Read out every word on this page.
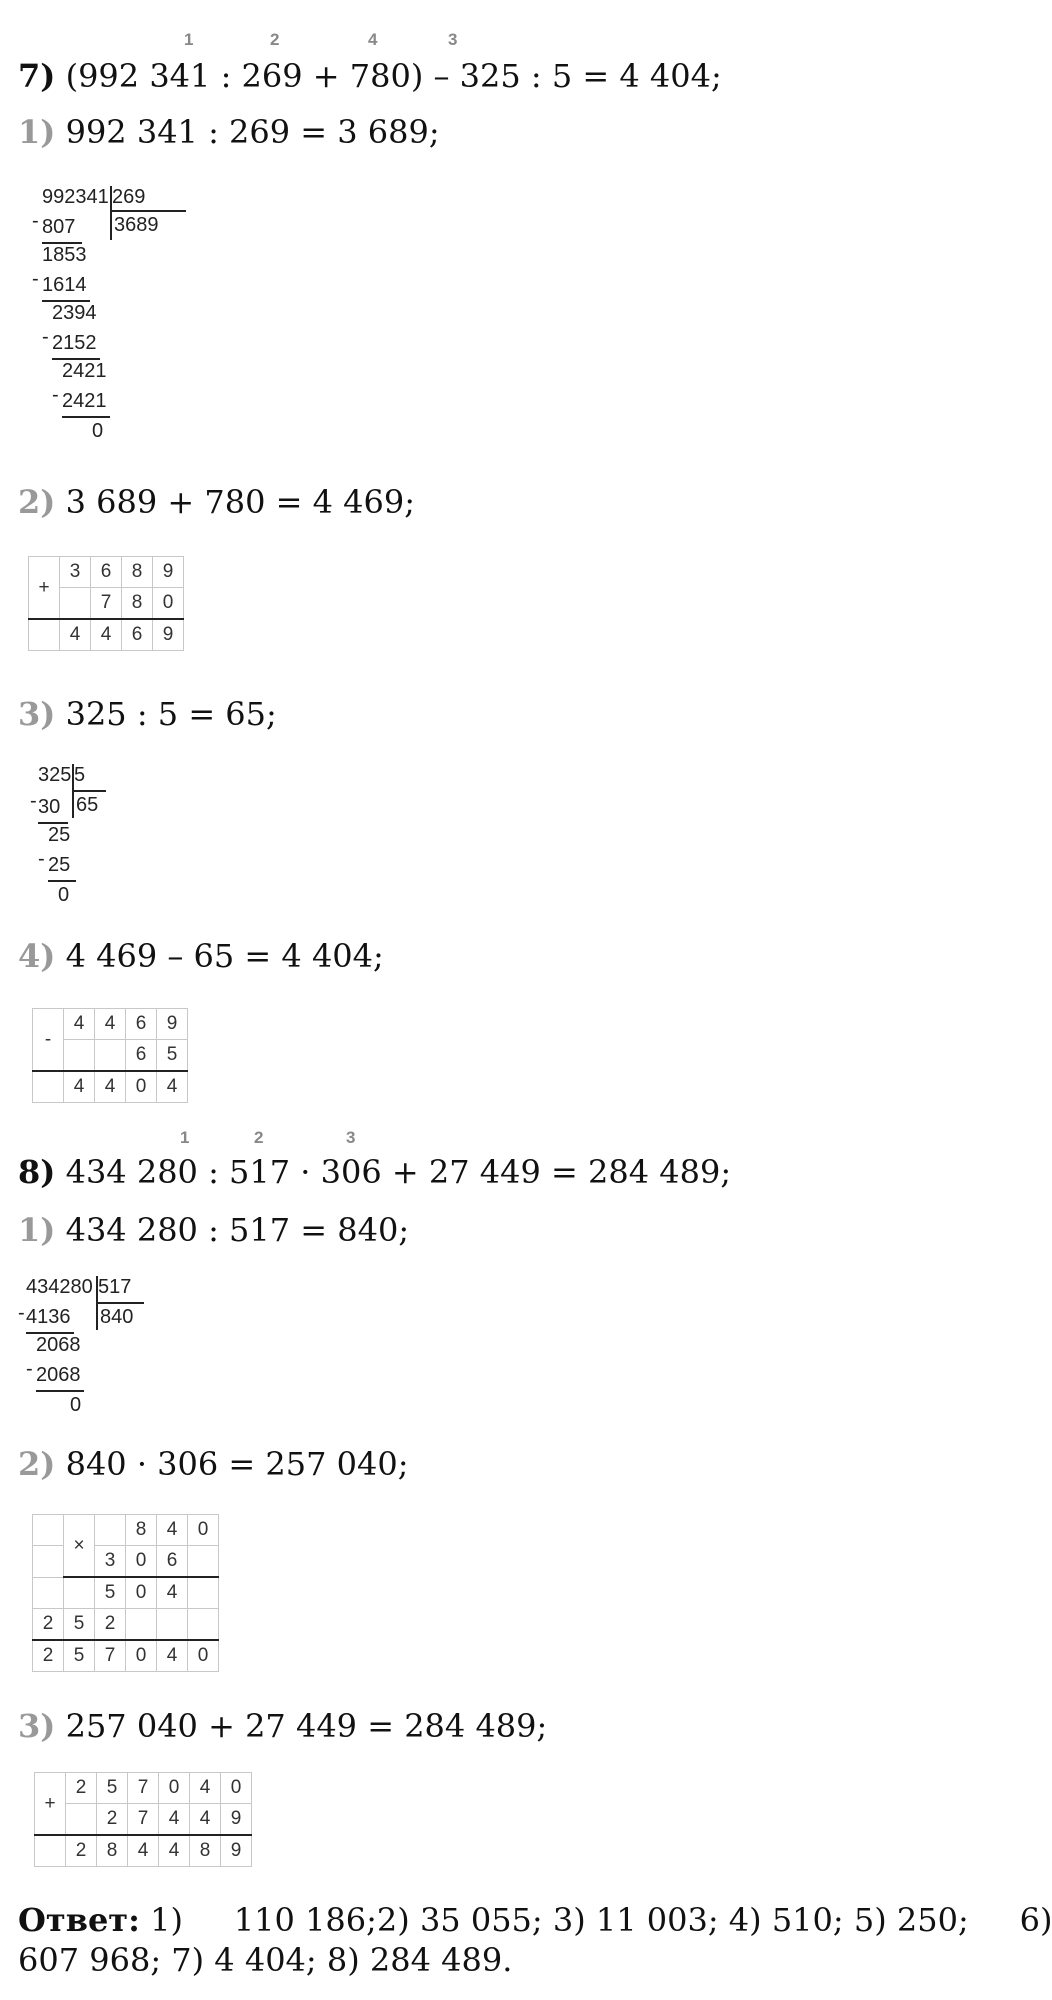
1	2	4	3
7) (992 341 : 269 + 780) – 325 : 5 = 4 404;
1) 992 341 : 269 = 3 689;
992341 269
3689
- 807
1853
- 1614
2394
- 2152
2421
- 2421
0
2) 3 689 + 780 = 4 469;
+	3	6	8	9
		7	8	0
	4	4	6	9
3) 325 : 5 = 65;
325 5
65
- 30
25
- 25
0
4) 4 469 – 65 = 4 404;
-	4	4	6	9
			6	5
	4	4	0	4
1	2	3
8) 434 280 : 517 · 306 + 27 449 = 284 489;
1) 434 280 : 517 = 840;
434280 517
840
- 4136
2068
- 2068
0
2) 840 · 306 = 257 040;
	×		8	4	0
		3	0	6	
		5	0	4	
2	5	2			
2	5	7	0	4	0
3) 257 040 + 27 449 = 284 489;
+	2	5	7	0	4	0
		2	7	4	4	9
	2	8	4	4	8	9
Ответ: 1)     110 186;2) 35 055; 3) 11 003; 4) 510; 5) 250;     6)
607 968; 7) 4 404; 8) 284 489.
